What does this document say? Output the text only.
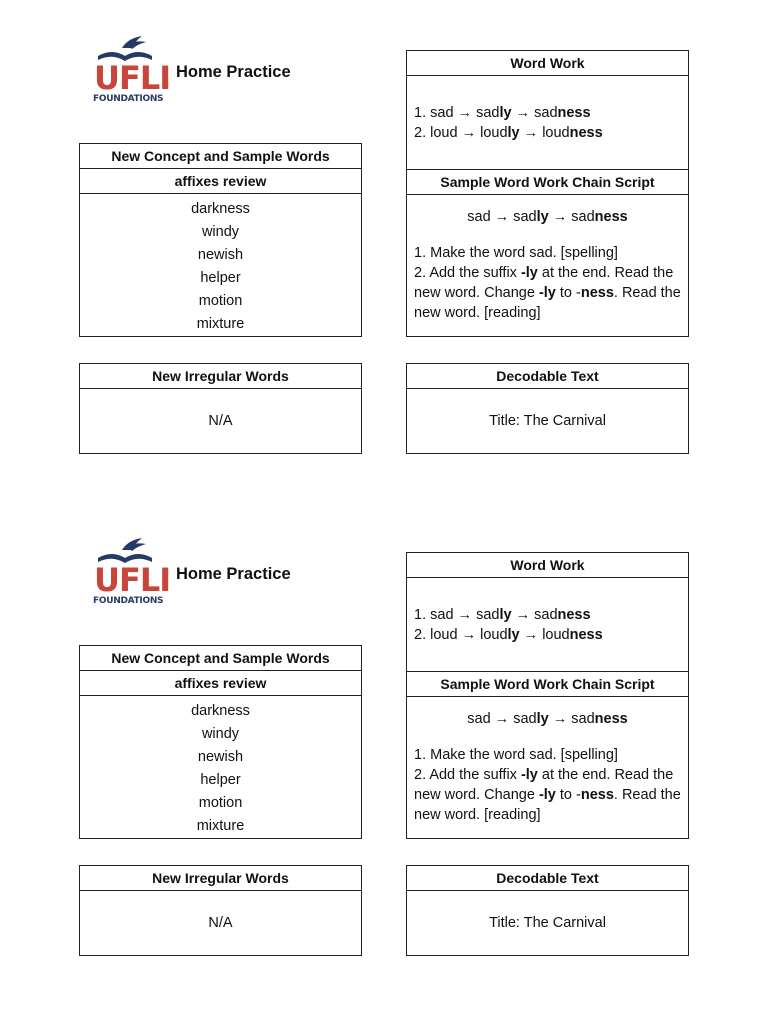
UFLI
FOUNDATIONS
Home Practice
New Concept and Sample Words
affixes review
darkness
windy
newish
helper
motion
mixture
New Irregular Words
N/A
Word Work
1. sad → sadly → sadness
2. loud → loudly → loudness
Sample Word Work Chain Script
sad → sadly → sadness
1. Make the word sad. [spelling]
2. Add the suffix -ly at the end. Read the new word. Change -ly to -ness. Read the new word. [reading]
Decodable Text
Title: The Carnival
UFLI
FOUNDATIONS
Home Practice
New Concept and Sample Words
affixes review
darkness
windy
newish
helper
motion
mixture
New Irregular Words
N/A
Word Work
1. sad → sadly → sadness
2. loud → loudly → loudness
Sample Word Work Chain Script
sad → sadly → sadness
1. Make the word sad. [spelling]
2. Add the suffix -ly at the end. Read the new word. Change -ly to -ness. Read the new word. [reading]
Decodable Text
Title: The Carnival
